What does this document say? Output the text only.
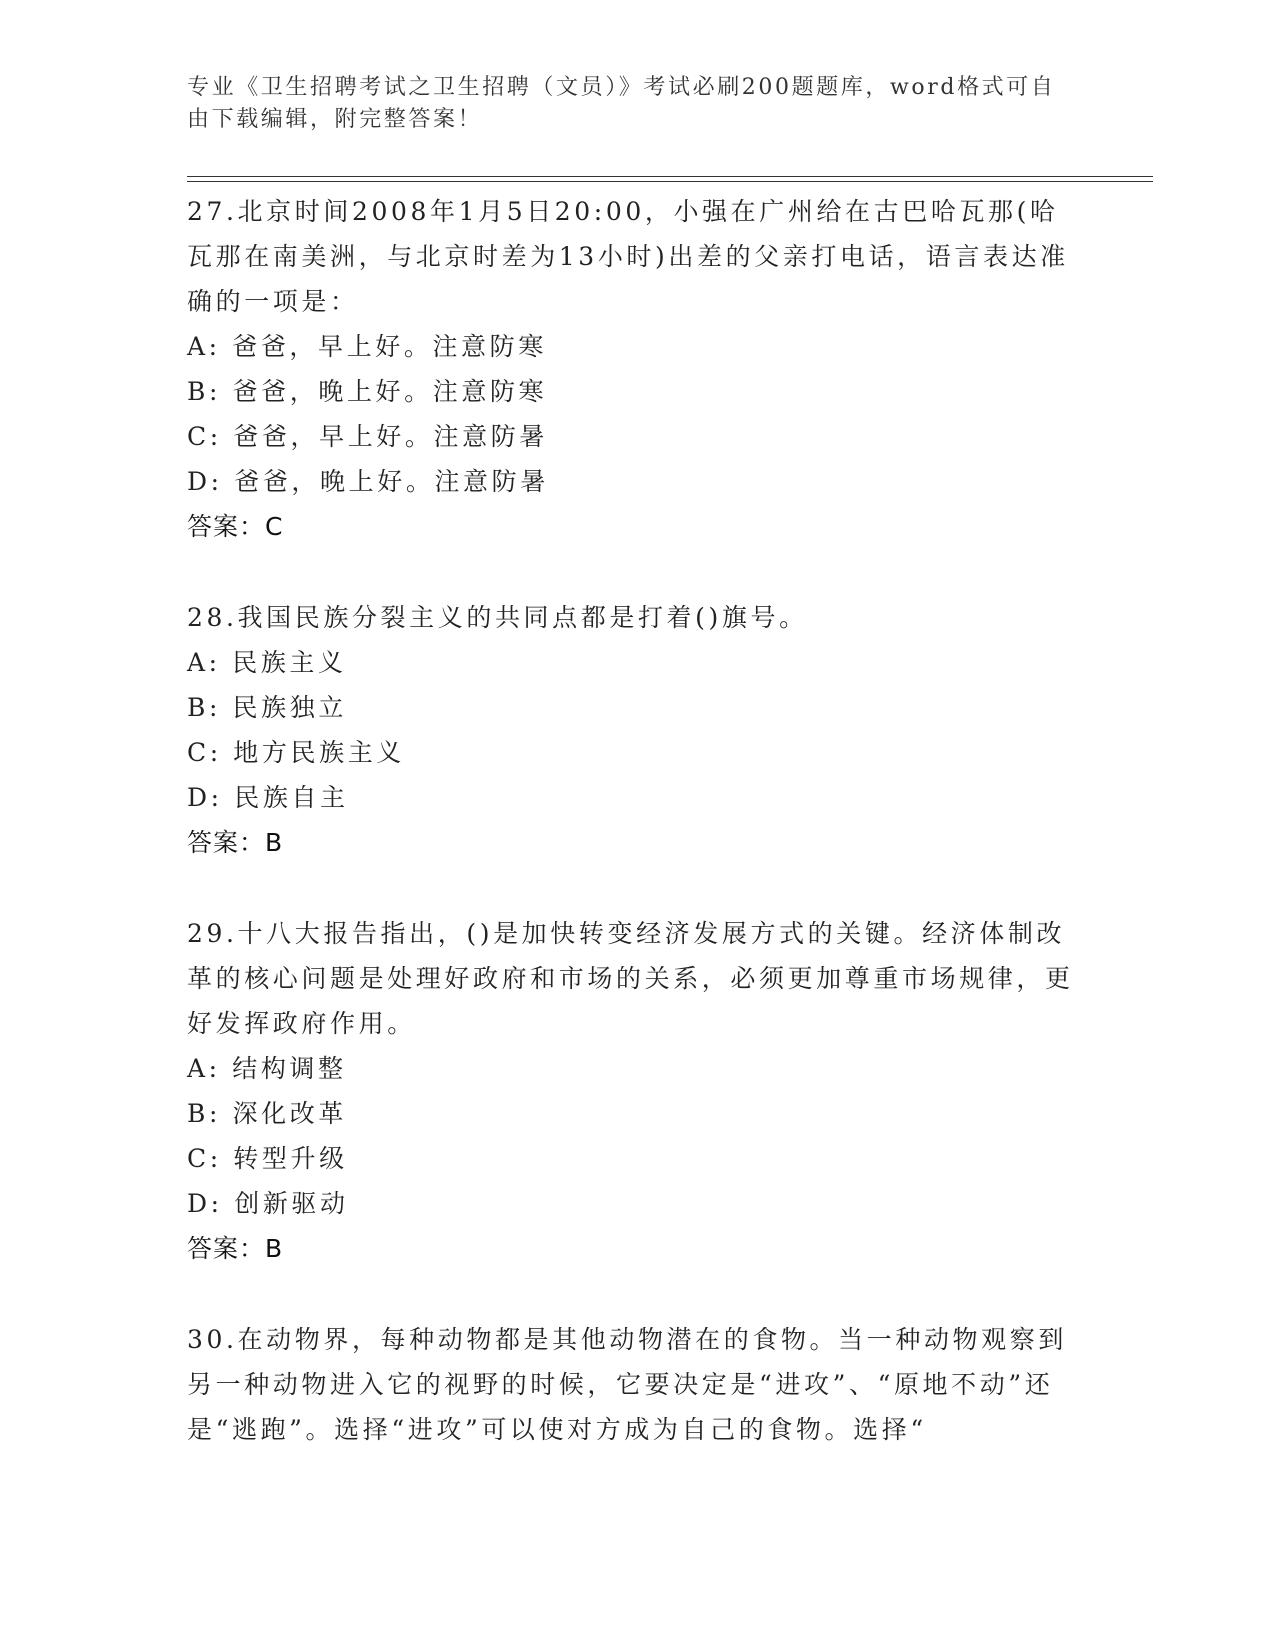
专业《卫生招聘考试之卫生招聘（文员）》考试必刷200题题库，word格式可自由下载编辑，附完整答案！

27.北京时间2008年1月5日20:00，小强在广州给在古巴哈瓦那(哈瓦那在南美洲，与北京时差为13小时)出差的父亲打电话，语言表达准确的一项是：

A: 爸爸，早上好。注意防寒

B: 爸爸，晚上好。注意防寒

C: 爸爸，早上好。注意防暑

D: 爸爸，晚上好。注意防暑

答案：C

28.我国民族分裂主义的共同点都是打着()旗号。

A: 民族主义

B: 民族独立

C: 地方民族主义

D: 民族自主

答案：B

29.十八大报告指出，()是加快转变经济发展方式的关键。经济体制改革的核心问题是处理好政府和市场的关系，必须更加尊重市场规律，更好发挥政府作用。

A: 结构调整

B: 深化改革

C: 转型升级

D: 创新驱动

答案：B

30.在动物界，每种动物都是其他动物潜在的食物。当一种动物观察到另一种动物进入它的视野的时候，它要决定是“进攻”、“原地不动”还是“逃跑”。选择“进攻”可以使对方成为自己的食物。选择“
